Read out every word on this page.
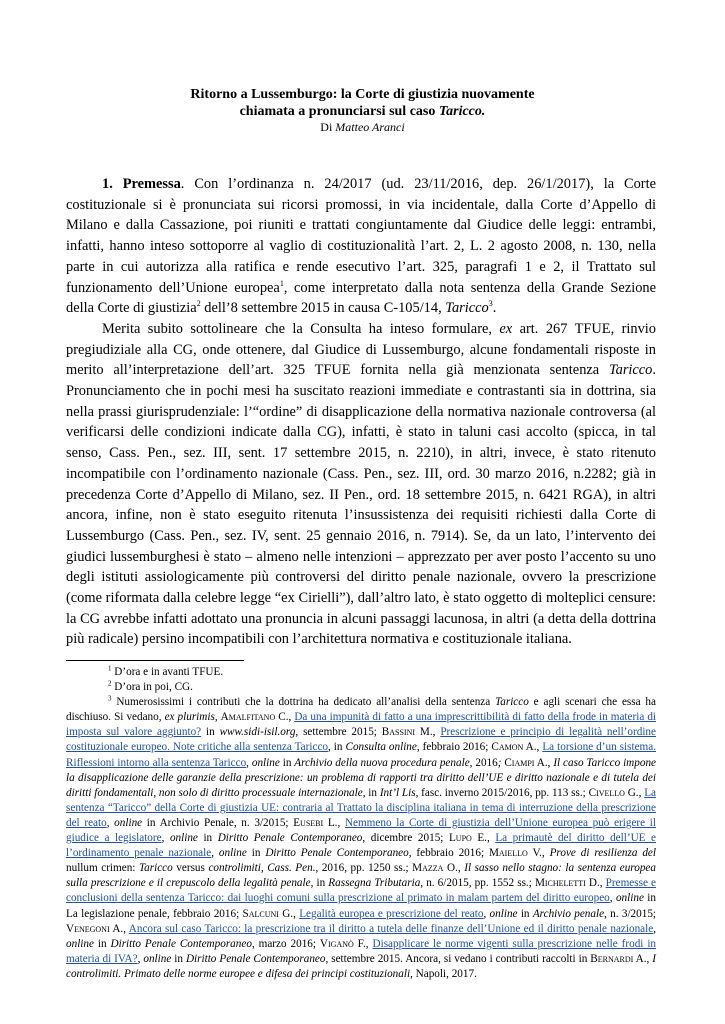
Ritorno a Lussemburgo: la Corte di giustizia nuovamente
chiamata a pronunciarsi sul caso Taricco.
Di Matteo Aranci

1. Premessa. Con l’ordinanza n. 24/2017 (ud. 23/11/2016, dep. 26/1/2017), la Corte costituzionale si è pronunciata sui ricorsi promossi, in via incidentale, dalla Corte d’Appello di Milano e dalla Cassazione, poi riuniti e trattati congiuntamente dal Giudice delle leggi: entrambi, infatti, hanno inteso sottoporre al vaglio di costituzionalità l’art. 2, L. 2 agosto 2008, n. 130, nella parte in cui autorizza alla ratifica e rende esecutivo l’art. 325, paragrafi 1 e 2, il Trattato sul funzionamento dell’Unione europea$^1$, come interpretato dalla nota sentenza della Grande Sezione della Corte di giustizia$^2$ dell’8 settembre 2015 in causa C-105/14, Taricco$^3$.

Merita subito sottolineare che la Consulta ha inteso formulare, ex art. 267 TFUE, rinvio pregiudiziale alla CG, onde ottenere, dal Giudice di Lussemburgo, alcune fondamentali risposte in merito all’interpretazione dell’art. 325 TFUE fornita nella già menzionata sentenza Taricco. Pronunciamento che in pochi mesi ha suscitato reazioni immediate e contrastanti sia in dottrina, sia nella prassi giurisprudenziale: l’“ordine” di disapplicazione della normativa nazionale controversa (al verificarsi delle condizioni indicate dalla CG), infatti, è stato in taluni casi accolto (spicca, in tal senso, Cass. Pen., sez. III, sent. 17 settembre 2015, n. 2210), in altri, invece, è stato ritenuto incompatibile con l’ordinamento nazionale (Cass. Pen., sez. III, ord. 30 marzo 2016, n.2282; già in precedenza Corte d’Appello di Milano, sez. II Pen., ord. 18 settembre 2015, n. 6421 RGA), in altri ancora, infine, non è stato eseguito ritenuta l’insussistenza dei requisiti richiesti dalla Corte di Lussemburgo (Cass. Pen., sez. IV, sent. 25 gennaio 2016, n. 7914). Se, da un lato, l’intervento dei giudici lussemburghesi è stato – almeno nelle intenzioni – apprezzato per aver posto l’accento su uno degli istituti assiologicamente più controversi del diritto penale nazionale, ovvero la prescrizione (come riformata dalla celebre legge “ex Cirielli”), dall’altro lato, è stato oggetto di molteplici censure: la CG avrebbe infatti adottato una pronuncia in alcuni passaggi lacunosa, in altri (a detta della dottrina più radicale) persino incompatibili con l’architettura normativa e costituzionale italiana.

$^1$ D’ora e in avanti TFUE.

$^2$ D’ora in poi, CG.

$^3$ Numerosissimi i contributi che la dottrina ha dedicato all’analisi della sentenza Taricco e agli scenari che essa ha dischiuso. Si vedano, ex plurimis, Amalfitano C., Da una impunità di fatto a una imprescrittibilità di fatto della frode in materia di imposta sul valore aggiunto? in www.sidi-isil.org, settembre 2015; Bassini M., Prescrizione e principio di legalità nell’ordine costituzionale europeo. Note critiche alla sentenza Taricco, in Consulta online, febbraio 2016; Camon A., La torsione d’un sistema. Riflessioni intorno alla sentenza Taricco, online in Archivio della nuova procedura penale, 2016; Ciampi A., Il caso Taricco impone la disapplicazione delle garanzie della prescrizione: un problema di rapporti tra diritto dell’UE e diritto nazionale e di tutela dei diritti fondamentali, non solo di diritto processuale internazionale, in Int’l Lis, fasc. inverno 2015/2016, pp. 113 ss.; Civello G., La sentenza “Taricco” della Corte di giustizia UE: contraria al Trattato la disciplina italiana in tema di interruzione della prescrizione del reato, online in Archivio Penale, n. 3/2015; Eusebi L., Nemmeno la Corte di giustizia dell’Unione europea può erigere il giudice a legislatore, online in Diritto Penale Contemporaneo, dicembre 2015; Lupo E., La primautè del diritto dell’UE e l’ordinamento penale nazionale, online in Diritto Penale Contemporaneo, febbraio 2016; Maiello V., Prove di resilienza del nullum crimen: Taricco versus controlimiti, Cass. Pen., 2016, pp. 1250 ss.; Mazza O., Il sasso nello stagno: la sentenza europea sulla prescrizione e il crepuscolo della legalità penale, in Rassegna Tributaria, n. 6/2015, pp. 1552 ss.; Micheletti D., Premesse e conclusioni della sentenza Taricco: dai luoghi comuni sulla prescrizione al primato in malam partem del diritto europeo, online in La legislazione penale, febbraio 2016; Salcuni G., Legalità europea e prescrizione del reato, online in Archivio penale, n. 3/2015; Venegoni A., Ancora sul caso Taricco: la prescrizione tra il diritto a tutela delle finanze dell’Unione ed il diritto penale nazionale, online in Diritto Penale Contemporaneo, marzo 2016; Viganò F., Disapplicare le norme vigenti sulla prescrizione nelle frodi in materia di IVA?, online in Diritto Penale Contemporaneo, settembre 2015. Ancora, si vedano i contributi raccolti in Bernardi A., I controlimiti. Primato delle norme europee e difesa dei principi costituzionali, Napoli, 2017.
